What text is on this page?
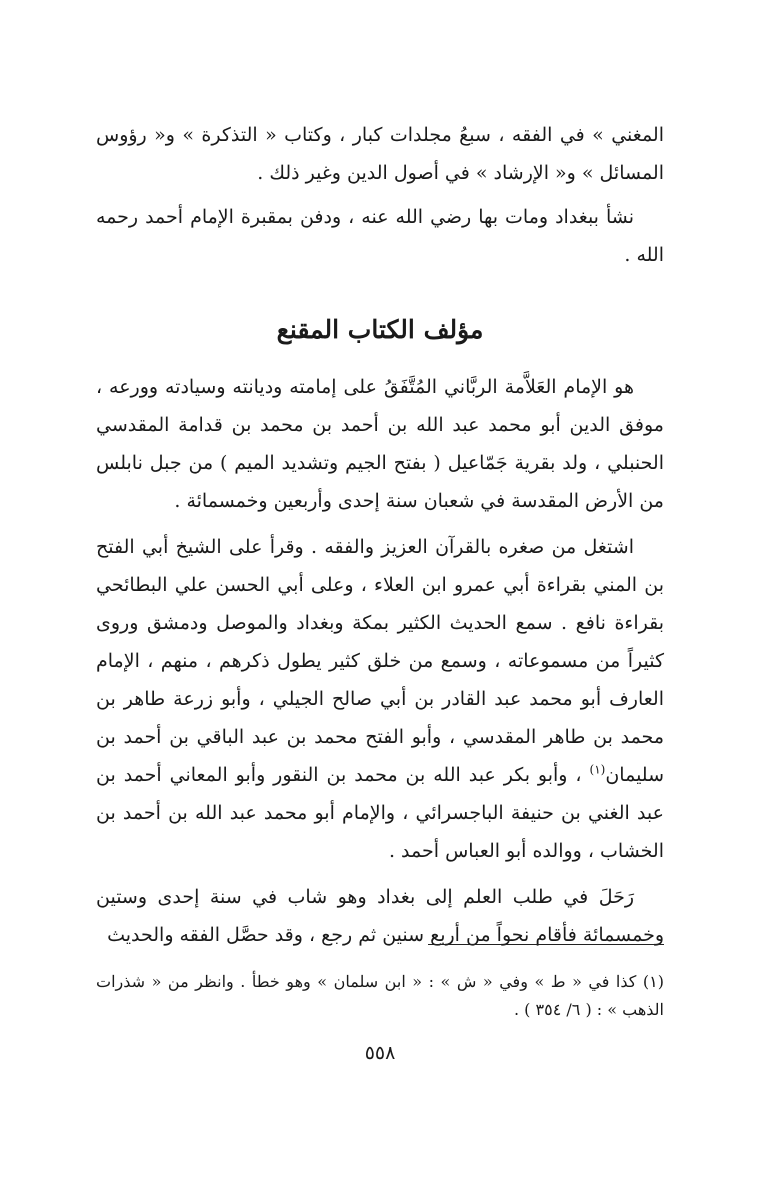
المغني » في الفقه ، سبعُ مجلدات كبار ، وكتاب « التذكرة » و« رؤوس المسائل » و« الإرشاد » في أصول الدين وغير ذلك .

نشأ ببغداد ومات بها رضي الله عنه ، ودفن بمقبرة الإمام أحمد رحمه الله .

مؤلف الكتاب المقنع

هو الإمام العَلاَّمة الربَّاني المُتَّفَقُ على إمامته وديانته وسيادته وورعه ، موفق الدين أبو محمد عبد الله بن أحمد بن محمد بن قدامة المقدسي الحنبلي ، ولد بقرية جَمّاعيل ( بفتح الجيم وتشديد الميم ) من جبل نابلس من الأرض المقدسة في شعبان سنة إحدى وأربعين وخمسمائة .

اشتغل من صغره بالقرآن العزيز والفقه . وقرأ على الشيخ أبي الفتح بن المني بقراءة أبي عمرو ابن العلاء ، وعلى أبي الحسن علي البطائحي بقراءة نافع . سمع الحديث الكثير بمكة وبغداد والموصل ودمشق وروى كثيراً من مسموعاته ، وسمع من خلق كثير يطول ذكرهم ، منهم ، الإمام العارف أبو محمد عبد القادر بن أبي صالح الجيلي ، وأبو زرعة طاهر بن محمد بن طاهر المقدسي ، وأبو الفتح محمد بن عبد الباقي بن أحمد بن سليمان$^{(١)}$ ، وأبو بكر عبد الله بن محمد بن النقور وأبو المعاني أحمد بن عبد الغني بن حنيفة الباجسرائي ، والإمام أبو محمد عبد الله بن أحمد بن الخشاب ، ووالده أبو العباس أحمد .

رَحَلَ في طلب العلم إلى بغداد وهو شاب في سنة إحدى وستين وخمسمائة فأقام نحواً من أربع سنين ثم رجع ، وقد حصَّل الفقه والحديث

(١) كذا في « ط » وفي « ش » : « ابن سلمان » وهو خطأ . وانظر من « شذرات الذهب » : ( ٦/ ٣٥٤ ) .
٥٥٨
